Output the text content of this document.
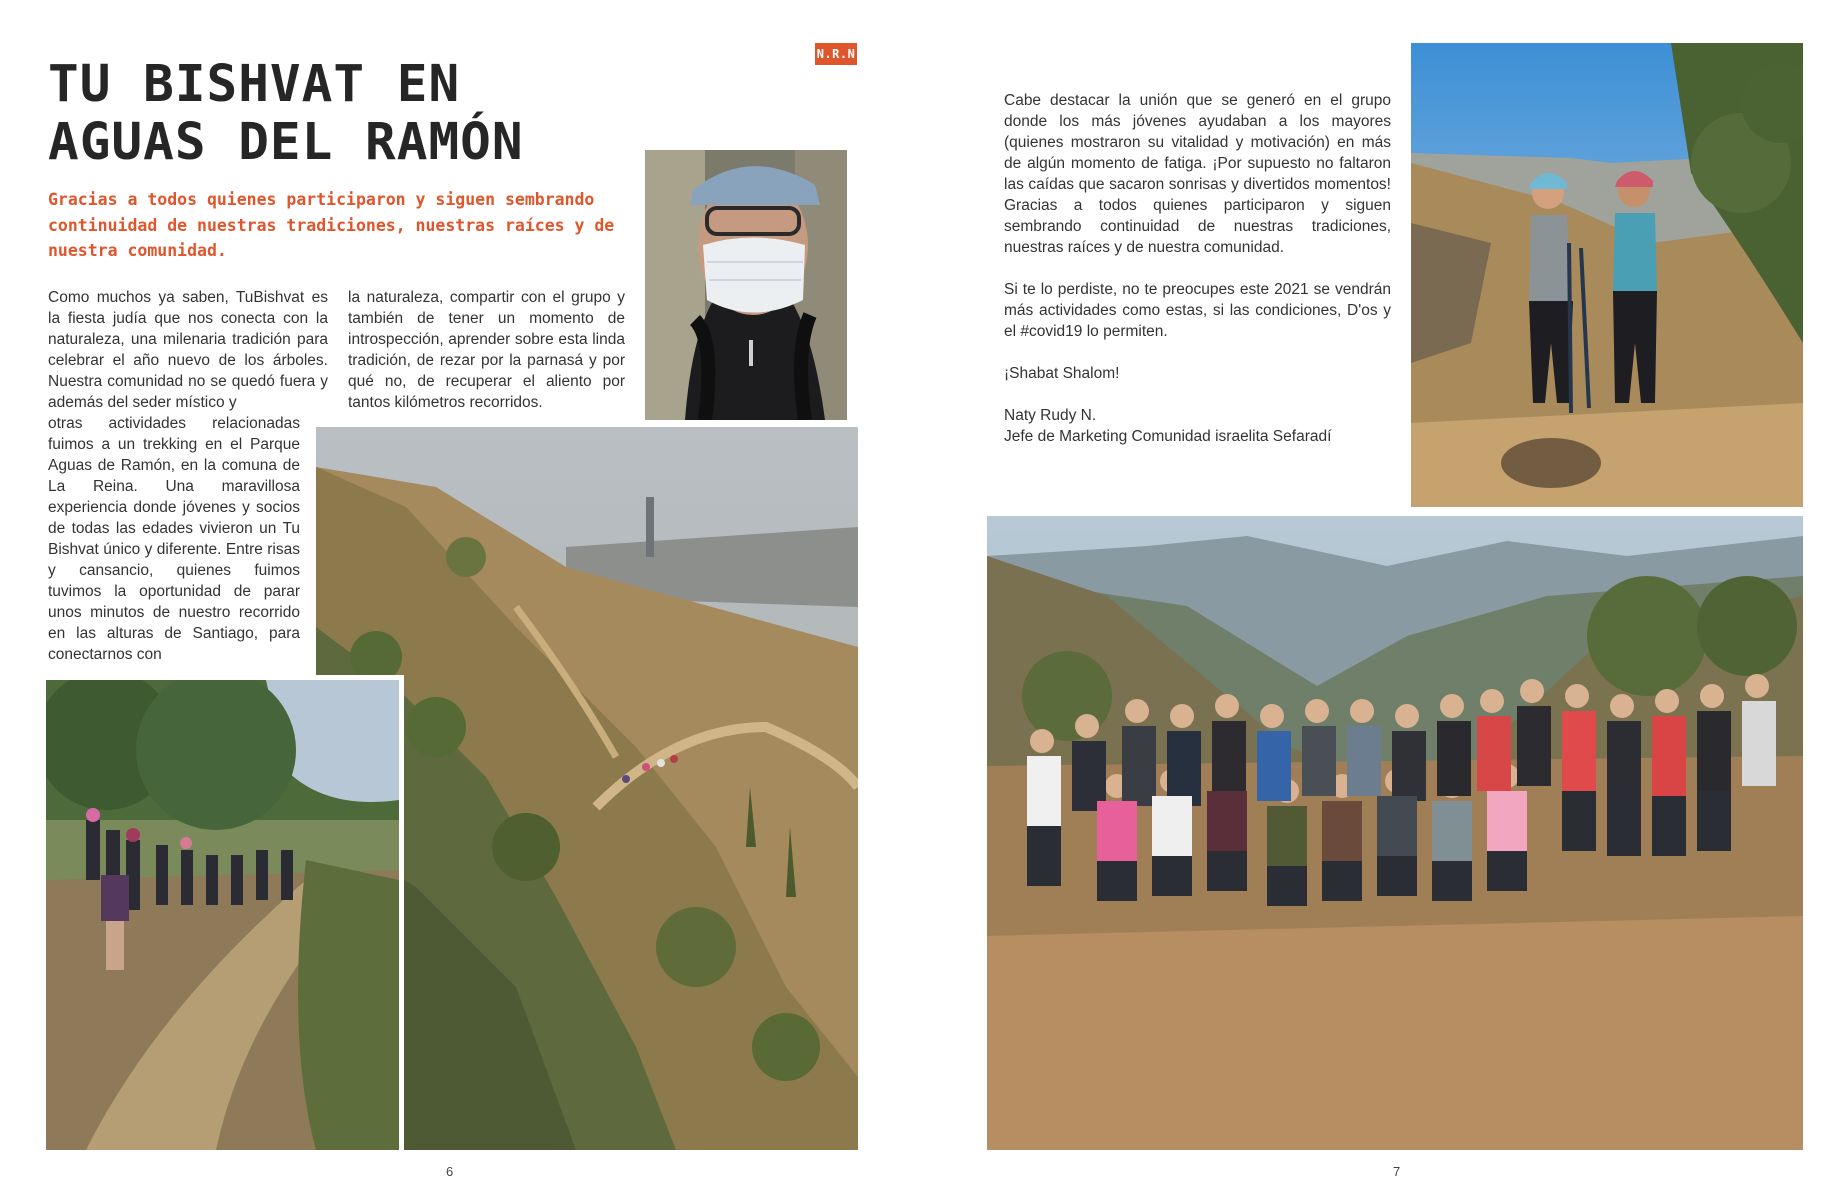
N.R.N
TU BISHVAT EN AGUAS DEL RAMÓN

Gracias a todos quienes participaron y siguen sembrando continuidad de nuestras tradiciones, nuestras raíces y de nuestra comunidad.

Como muchos ya saben, TuBishvat es la fiesta judía que nos conecta con la naturaleza, una milenaria tradición para celebrar el año nuevo de los árboles. Nuestra comunidad no se quedó fuera y además del seder místico y

otras actividades relacionadas fuimos a un trekking en el Parque Aguas de Ramón, en la comuna de La Reina. Una maravillosa experiencia donde jóvenes y socios de todas las edades vivieron un Tu Bishvat único y diferente. Entre risas y cansancio, quienes fuimos tuvimos la oportunidad de parar unos minutos de nuestro recorrido en las alturas de Santiago, para conectarnos con

la naturaleza, compartir con el grupo y también de tener un momento de introspección, aprender sobre esta linda tradición, de rezar por la parnasá y por qué no, de recuperar el aliento por tantos kilómetros recorridos.

6

Cabe destacar la unión que se generó en el grupo donde los más jóvenes ayudaban a los mayores (quienes mostraron su vitalidad y motivación) en más de algún momento de fatiga. ¡Por supuesto no faltaron las caídas que sacaron sonrisas y divertidos momentos! Gracias a todos quienes participaron y siguen sembrando continuidad de nuestras tradiciones, nuestras raíces y de nuestra comunidad.

Si te lo perdiste, no te preocupes este 2021 se vendrán más actividades como estas, si las condiciones, D'os y el #covid19 lo permiten.

¡Shabat Shalom!

Naty Rudy N.

Jefe de Marketing Comunidad israelita Sefaradí

7
